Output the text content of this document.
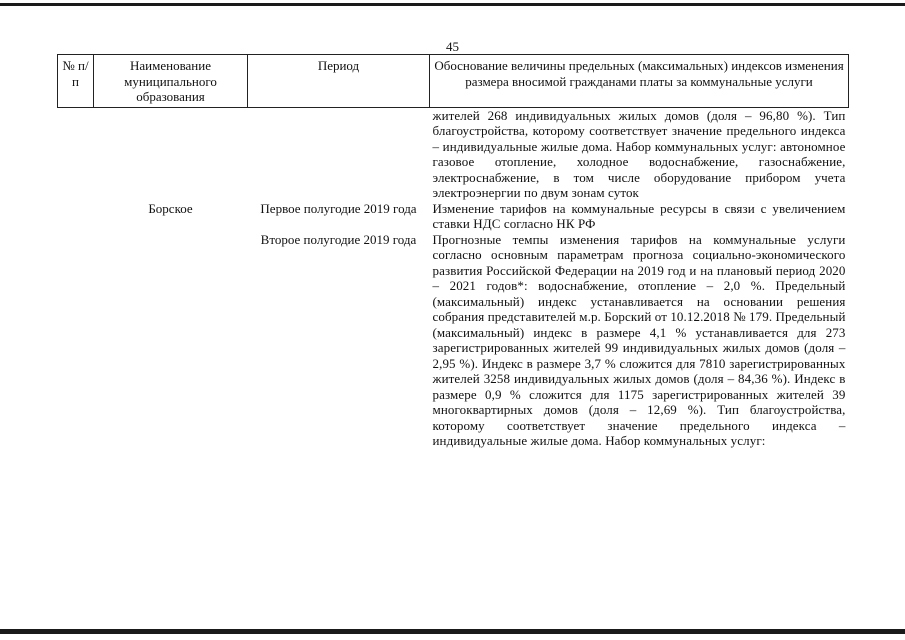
45
№ п/п	Наименование муниципального образования	Период	Обоснование величины предельных (максимальных) индексов изменения размера вносимой гражданами платы за коммунальные услуги
			жителей 268 индивидуальных жилых домов (доля – 96,80 %). Тип благоустройства, которому соответствует значение предельного индекса – индивидуальные жилые дома. Набор коммунальных услуг: автономное газовое отопление, холодное водоснабжение, газоснабжение, электроснабжение, в том числе оборудование прибором учета электроэнергии по двум зонам суток
	Борское	Первое полугодие 2019 года	Изменение тарифов на коммунальные ресурсы в связи с увеличением ставки НДС согласно НК РФ
		Второе полугодие 2019 года	Прогнозные темпы изменения тарифов на коммунальные услуги согласно основным параметрам прогноза социально-экономического развития Российской Федерации на 2019 год и на плановый период 2020 – 2021 годов*: водоснабжение, отопление – 2,0 %. Предельный (максимальный) индекс устанавливается на основании решения собрания представителей м.р. Борский от 10.12.2018 № 179. Предельный (максимальный) индекс в размере 4,1 % устанавливается для 273 зарегистрированных жителей 99 индивидуальных жилых домов (доля – 2,95 %). Индекс в размере 3,7 % сложится для 7810 зарегистрированных жителей 3258 индивидуальных жилых домов (доля – 84,36 %). Индекс в размере 0,9 % сложится для 1175 зарегистрированных жителей 39 многоквартирных домов (доля – 12,69 %). Тип благоустройства, которому соответствует значение предельного индекса – индивидуальные жилые дома. Набор коммунальных услуг:
